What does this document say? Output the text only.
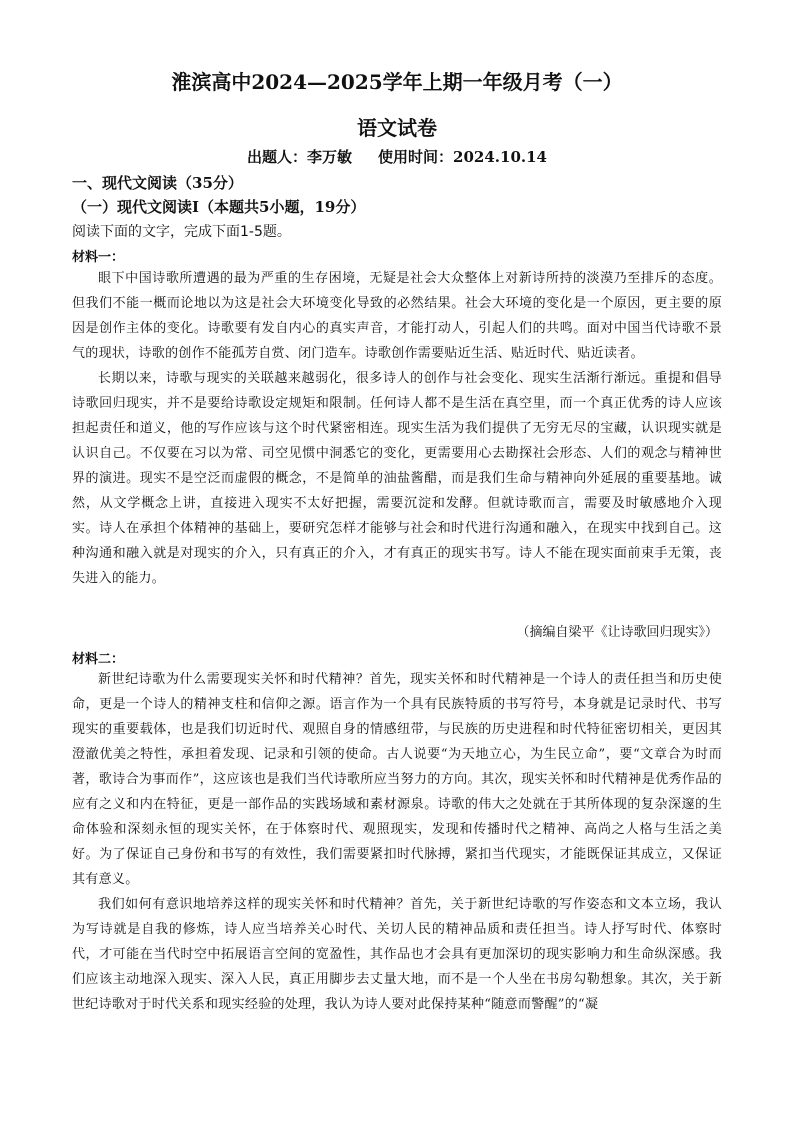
淮滨高中2024—2025学年上期一年级月考（一）
语文试卷
出题人：李万敏 使用时间：2024.10.14
一、现代文阅读（35分）
（一）现代文阅读Ⅰ（本题共5小题，19分）
阅读下面的文字，完成下面1-5题。
材料一：

眼下中国诗歌所遭遇的最为严重的生存困境，无疑是社会大众整体上对新诗所持的淡漠乃至排斥的态度。但我们不能一概而论地以为这是社会大环境变化导致的必然结果。社会大环境的变化是一个原因，更主要的原因是创作主体的变化。诗歌要有发自内心的真实声音，才能打动人，引起人们的共鸣。面对中国当代诗歌不景气的现状，诗歌的创作不能孤芳自赏、闭门造车。诗歌创作需要贴近生活、贴近时代、贴近读者。

长期以来，诗歌与现实的关联越来越弱化，很多诗人的创作与社会变化、现实生活渐行渐远。重提和倡导诗歌回归现实，并不是要给诗歌设定规矩和限制。任何诗人都不是生活在真空里，而一个真正优秀的诗人应该担起责任和道义，他的写作应该与这个时代紧密相连。现实生活为我们提供了无穷无尽的宝藏，认识现实就是认识自己。不仅要在习以为常、司空见惯中洞悉它的变化，更需要用心去勘探社会形态、人们的观念与精神世界的演进。现实不是空泛而虚假的概念，不是简单的油盐酱醋，而是我们生命与精神向外延展的重要基地。诚然，从文学概念上讲，直接进入现实不太好把握，需要沉淀和发酵。但就诗歌而言，需要及时敏感地介入现实。诗人在承担个体精神的基础上，要研究怎样才能够与社会和时代进行沟通和融入，在现实中找到自己。这种沟通和融入就是对现实的介入，只有真正的介入，才有真正的现实书写。诗人不能在现实面前束手无策，丧失进入的能力。

（摘编自梁平《让诗歌回归现实》）
材料二：

新世纪诗歌为什么需要现实关怀和时代精神？首先，现实关怀和时代精神是一个诗人的责任担当和历史使命，更是一个诗人的精神支柱和信仰之源。语言作为一个具有民族特质的书写符号，本身就是记录时代、书写现实的重要载体，也是我们切近时代、观照自身的情感纽带，与民族的历史进程和时代特征密切相关，更因其澄澈优美之特性，承担着发现、记录和引领的使命。古人说要“为天地立心，为生民立命”，要“文章合为时而著，歌诗合为事而作”，这应该也是我们当代诗歌所应当努力的方向。其次，现实关怀和时代精神是优秀作品的应有之义和内在特征，更是一部作品的实践场域和素材源泉。诗歌的伟大之处就在于其所体现的复杂深邃的生命体验和深刻永恒的现实关怀，在于体察时代、观照现实，发现和传播时代之精神、高尚之人格与生活之美好。为了保证自己身份和书写的有效性，我们需要紧扣时代脉搏，紧扣当代现实，才能既保证其成立，又保证其有意义。

我们如何有意识地培养这样的现实关怀和时代精神？首先，关于新世纪诗歌的写作姿态和文本立场，我认为写诗就是自我的修炼，诗人应当培养关心时代、关切人民的精神品质和责任担当。诗人抒写时代、体察时代，才可能在当代时空中拓展语言空间的宽盈性，其作品也才会具有更加深切的现实影响力和生命纵深感。我们应该主动地深入现实、深入人民，真正用脚步去丈量大地，而不是一个人坐在书房勾勒想象。其次，关于新世纪诗歌对于时代关系和现实经验的处理，我认为诗人要对此保持某种“随意而警醒”的“凝
